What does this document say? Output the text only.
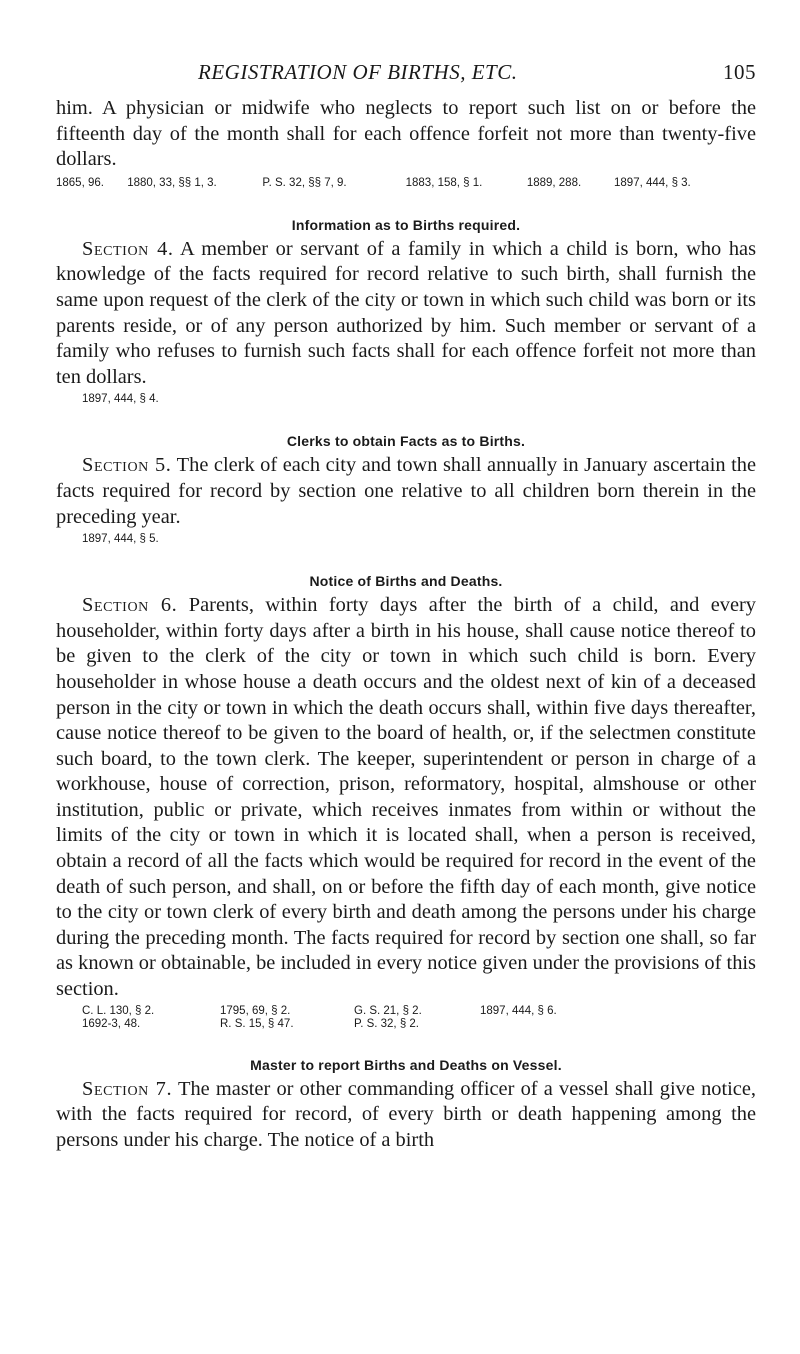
REGISTRATION OF BIRTHS, ETC.	105

him. A physician or midwife who neglects to report such list on or before the fifteenth day of the month shall for each offence forfeit not more than twenty-five dollars.

1865, 96. 1880, 33, §§ 1, 3.	P. S. 32, §§ 7, 9.	1883, 158, § 1.	1889, 288.	1897, 444, § 3.

Information as to Births required.

Section 4. A member or servant of a family in which a child is born, who has knowledge of the facts required for record relative to such birth, shall furnish the same upon request of the clerk of the city or town in which such child was born or its parents reside, or of any person authorized by him. Such member or servant of a family who refuses to furnish such facts shall for each offence forfeit not more than ten dollars.

1897, 444, § 4.

Clerks to obtain Facts as to Births.

Section 5. The clerk of each city and town shall annually in January ascertain the facts required for record by section one relative to all children born therein in the preceding year.

1897, 444, § 5.

Notice of Births and Deaths.

Section 6. Parents, within forty days after the birth of a child, and every householder, within forty days after a birth in his house, shall cause notice thereof to be given to the clerk of the city or town in which such child is born. Every householder in whose house a death occurs and the oldest next of kin of a deceased person in the city or town in which the death occurs shall, within five days thereafter, cause notice thereof to be given to the board of health, or, if the selectmen constitute such board, to the town clerk. The keeper, superintendent or person in charge of a workhouse, house of correction, prison, reformatory, hospital, almshouse or other institution, public or private, which receives inmates from within or without the limits of the city or town in which it is located shall, when a person is received, obtain a record of all the facts which would be required for record in the event of the death of such person, and shall, on or before the fifth day of each month, give notice to the city or town clerk of every birth and death among the persons under his charge during the preceding month. The facts required for record by section one shall, so far as known or obtainable, be included in every notice given under the provisions of this section.

C. L. 130, § 2.	1795, 69, § 2.	G. S. 21, § 2.	1897, 444, § 6.
1692-3, 48.	R. S. 15, § 47.	P. S. 32, § 2.

Master to report Births and Deaths on Vessel.

Section 7. The master or other commanding officer of a vessel shall give notice, with the facts required for record, of every birth or death happening among the persons under his charge. The notice of a birth
